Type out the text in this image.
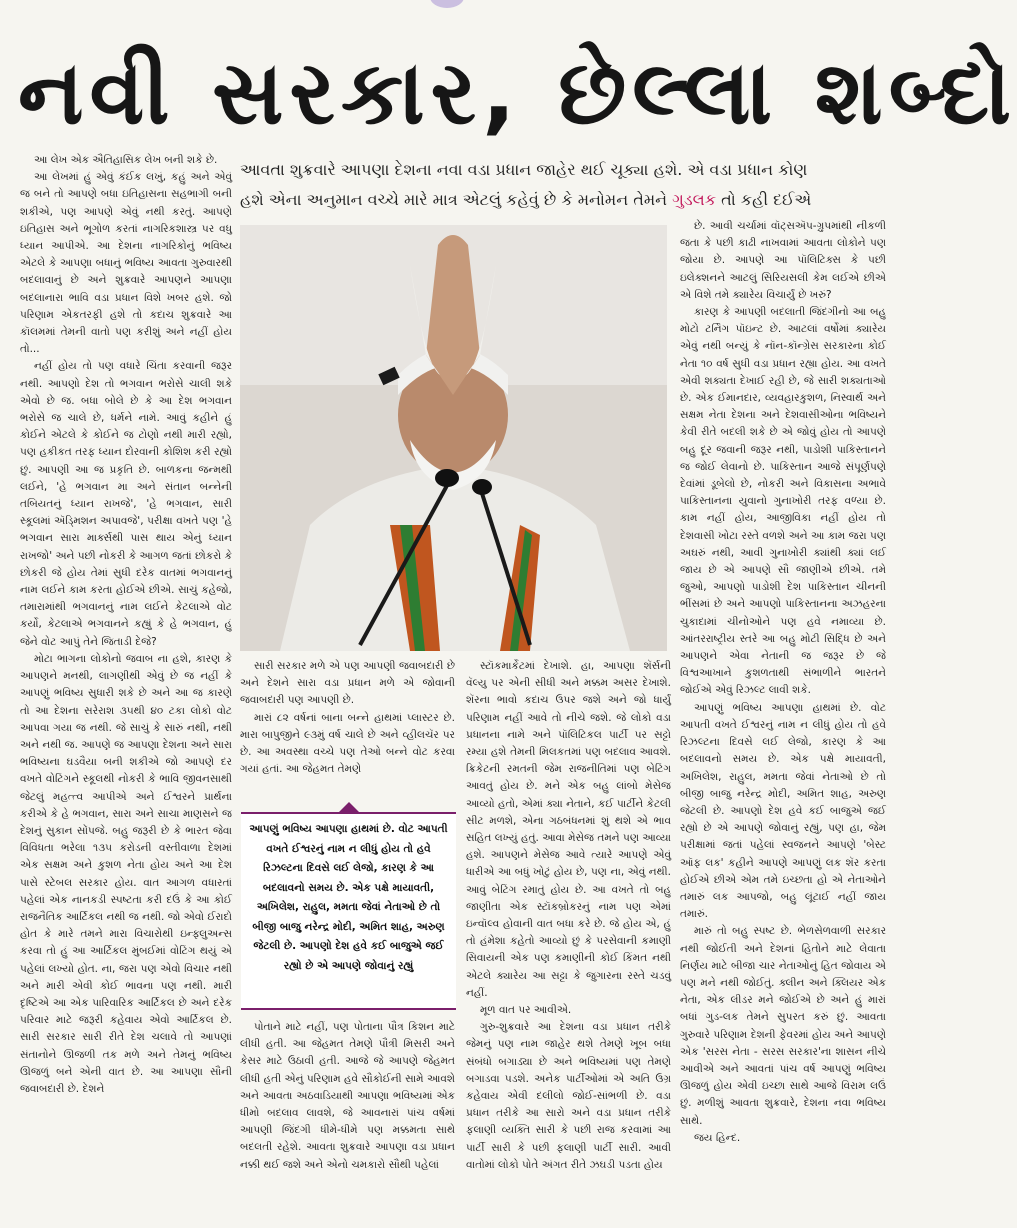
નવી સરકાર, છેલ્લા શબ્દો
આવતા શુક્રવારે આપણા દેશના નવા વડા પ્રધાન જાહેર થઈ ચૂક્યા હશે. એ વડા પ્રધાન કોણ
હશે એના અનુમાન વચ્ચે મારે માત્ર એટલું કહેવું છે કે મનોમન તેમને ગુડલક તો કહી દઈએ

આ લેખ એક ઐતિહાસિક લેખ બની શકે છે.

આ લેખમાં હું એવું કંઈક લખું, કહું અને એવું જ બને તો આપણે બધા ઇતિહાસના સહભાગી બની શકીએ, પણ આપણે એવું નથી કરતું. આપણે ઇતિહાસ અને ભૂગોળ કરતાં નાગરિકશાસ્ત્ર પર વધુ ધ્યાન આપીએ. આ દેશના નાગરિકોનું ભવિષ્ય એટલે કે આપણા બધાનું ભવિષ્ય આવતા ગુરુવારથી બદલાવાનું છે અને શુક્રવારે આપણને આપણા બદલાનારા ભાવિ વડા પ્રધાન વિશે ખબર હશે. જો પરિણામ એકતરફી હશે તો કદાચ શુક્રવારે આ કૉલમમાં તેમની વાતો પણ કરીશું અને નહીં હોય તો...

નહીં હોય તો પણ વધારે ચિંતા કરવાની જરૂર નથી. આપણો દેશ તો ભગવાન ભરોસે ચાલી શકે એવો છે જ. બધા બોલે છે કે આ દેશ ભગવાન ભરોસે જ ચાલે છે, ધર્મને નામે. આવું કહીને હું કોઈને એટલે કે કોઈને જ ટોણો નથી મારી રહ્યો, પણ હકીકત તરફ ધ્યાન દોરવાની કોશિશ કરી રહ્યો છું. આપણી આ જ પ્રકૃતિ છે. બાળકના જન્મથી લઈને, 'હે ભગવાન મા અને સંતાન બન્નેની તબિયતનું ધ્યાન રાખજે', 'હે ભગવાન, સારી સ્કૂલમાં ઍડ્મિશન અપાવજે', પરીક્ષા વખતે પણ 'હે ભગવાન સારા માર્ક્સથી પાસ થાય એનું ધ્યાન રાખજો' અને પછી નોકરી કે આગળ જતાં છોકરો કે છોકરી જે હોય તેમાં સુધી દરેક વાતમાં ભગવાનનું નામ લઈને કામ કરતા હોઈએ છીએ. સાચું કહેજો, તમારામાંથી ભગવાનનું નામ લઈને કેટલાએ વોટ કર્યો, કેટલાએ ભગવાનને કહ્યું કે હે ભગવાન, હું જેને વોટ આપું તેને જિતાડી દેજે?

મોટા ભાગના લોકોનો જવાબ ના હશે, કારણ કે આપણને મનથી, લાગણીથી એવું છે જ નહીં કે આપણું ભવિષ્ય સુધારી શકે છે અને આ જ કારણે તો આ દેશના સરેરાશ ૩૫થી ૪૦ ટકા લોકો વોટ આપવા ગયા જ નથી. જે સાચું કે સારું નથી, નથી અને નથી જ. આપણે જ આપણા દેશના અને સારા ભવિષ્યના ઘડવૈયા બની શકીએ જો આપણે દર વખતે વોટિંગને સ્કૂલથી નોકરી કે ભાવિ જીવનસાથી જેટલું મહત્ત્વ આપીએ અને ઈશ્વરને પ્રાર્થના કરીએ કે હે ભગવાન, સારા અને સાચા માણસને જ દેશનું સુકાન સોંપજે. બહુ જરૂરી છે કે ભારત જેવા વિવિધતા ભરેલા ૧૩૫ કરોડની વસ્તીવાળા દેશમાં એક સક્ષમ અને કુશળ નેતા હોય અને આ દેશ પાસે સ્ટેબલ સરકાર હોય. વાત આગળ વધારતાં પહેલાં એક નાનકડી સ્પષ્ટતા કરી દઉં કે આ કોઈ રાજનૈતિક આર્ટિકલ નથી જ નથી. જો એવો ઈરાદો હોત કે મારે તમને મારા વિચારોથી ઇન્ફ્લુઅન્સ કરવા તો હું આ આર્ટિકલ મુંબઈમાં વોટિંગ થયું એ પહેલાં લખ્યો હોત. ના, જરા પણ એવો વિચાર નથી અને મારી એવી કોઈ ભાવના પણ નથી. મારી દૃષ્ટિએ આ એક પારિવારિક આર્ટિકલ છે અને દરેક પરિવાર માટે જરૂરી કહેવાય એવો આર્ટિકલ છે. સારી સરકાર સારી રીતે દેશ ચલાવે તો આપણાં સંતાનોને ઊજળી તક મળે અને તેમનું ભવિષ્ય ઊજળું બને એની વાત છે. આ આપણા સૌની જવાબદારી છે. દેશને

સારી સરકાર મળે એ પણ આપણી જવાબદારી છે અને દેશને સારા વડા પ્રધાન મળે એ જોવાની જવાબદારી પણ આપણી છે.

મારાં ૮૨ વર્ષનાં બાના બન્ને હાથમાં પ્લાસ્ટર છે. મારા બાપુજીને ૯૩મું વર્ષ ચાલે છે અને વ્હીલચૅર પર છે. આ અવસ્થા વચ્ચે પણ તેઓ બન્ને વોટ કરવા ગયાં હતાં. આ જેહમત તેમણે

આપણું ભવિષ્ય આપણા હાથમાં છે. વોટ આપતી વખતે ઈશ્વરનું નામ ન લીધું હોય તો હવે રિઝલ્ટના દિવસે લઈ લેજો, કારણ કે આ બદલાવનો સમય છે. એક પક્ષે માયાવતી, અખિલેશ, રાહુલ, મમતા જેવાં નેતાઓ છે તો બીજી બાજુ નરેન્દ્ર મોદી, અમિત શાહ, અરુણ જેટલી છે. આપણો દેશ હવે કઈ બાજુએ જઈ રહ્યો છે એ આપણે જોવાનું રહ્યું

પોતાને માટે નહીં, પણ પોતાના પૌત્ર કિશન માટે લીધી હતી. આ જેહમત તેમણે પૌત્રી મિસરી અને કેસર માટે ઉઠાવી હતી. આજે જે આપણે જેહમત લીધી હતી એનું પરિણામ હવે સૌકોઈની સામે આવશે અને આવતા અઠવાડિયાથી આપણા ભવિષ્યમાં એક ધીમો બદલાવ લાવશે, જે આવનારાં પાંચ વર્ષમાં આપણી જિંદગી ધીમે-ધીમે પણ મક્કમતા સાથે બદલતી રહેશે. આવતા શુક્રવારે આપણા વડા પ્રધાન નક્કી થઈ જશે અને એનો ચમકારો સૌથી પહેલાં

સ્ટૉકમાર્કેટમાં દેખાશે. હા, આપણા શૅર્સની વૅલ્યુ પર એની સીધી અને મક્કમ અસર દેખાશે. શૅરના ભાવો કદાચ ઉપર જશે અને જો ધાર્યું પરિણામ નહીં આવે તો નીચે જશે. જે લોકો વડા પ્રધાનના નામે અને પૉલિટિકલ પાર્ટી પર સટ્ટો રમ્યા હશે તેમની મિલકતમાં પણ બદલાવ આવશે. ક્રિકેટની રમતની જેમ રાજનીતિમાં પણ બેટિંગ આવતું હોય છે. મને એક બહુ લાંબો મેસેજ આવ્યો હતો, એમાં ક્યા નેતાને, કઈ પાર્ટીને કેટલી સીટ મળશે, એના ગઠબંધનમાં શું થશે એ ભાવ સહિત લખ્યું હતું. આવા મેસેજ તમને પણ આવ્યા હશે. આપણને મેસેજ આવે ત્યારે આપણે એવું ધારીએ આ બધું ખોટું હોય છે, પણ ના, એવું નથી. આવું બેટિંગ રમાતું હોય છે. આ વખતે તો બહુ જાણીતા એક સ્ટૉકબ્રોકરનું નામ પણ એમાં ઇન્વૉલ્વ હોવાની વાત બધા કરે છે. જે હોય એ, હું તો હંમેશા કહેતો આવ્યો છું કે પરસેવાની કમાણી સિવાયની એક પણ કમાણીની કોઈ કિંમત નથી એટલે ક્યારેય આ સટ્ટા કે જુગારના રસ્તે ચડવું નહીં.

મૂળ વાત પર આવીએ.

ગુરુ-શુક્રવારે આ દેશના વડા પ્રધાન તરીકે જેમનું પણ નામ જાહેર થશે તેમણે ખૂબ બધા સંબંધો બગાડ્યા છે અને ભવિષ્યમાં પણ તેમણે બગાડવા પડશે. અનેક પાર્ટીઓમાં એ અતિ ઉગ્ર કહેવાય એવી દલીલો જોઈ-સાંભળી છે. વડા પ્રધાન તરીકે આ સારો અને વડા પ્રધાન તરીકે ફલાણી વ્યક્તિ સારી કે પછી રાજ કરવામાં આ પાર્ટી સારી કે પછી ફલાણી પાર્ટી સારી. આવી વાતોમાં લોકો પોતે અંગત રીતે ઝઘડી પડતા હોય

છે. આવી ચર્ચામાં વૉટ્સઍપ-ગ્રુપમાંથી નીકળી જતા કે પછી કાઢી નાખવામાં આવતા લોકોને પણ જોયા છે. આપણે આ પૉલિટિક્સ કે પછી ઇલેક્શનને આટલું સિરિયસલી કેમ લઈએ છીએ એ વિશે તમે ક્યારેય વિચાર્યું છે ખરું?

કારણ કે આપણી બદલાતી જિંદગીનો આ બહુ મોટો ટર્નિંગ પૉઇન્ટ છે. આટલાં વર્ષોમાં ક્યારેય એવું નથી બન્યું કે નૉન-કૉન્ગ્રેસ સરકારના કોઈ નેતા ૧૦ વર્ષ સુધી વડા પ્રધાન રહ્યા હોય. આ વખતે એવી શક્યતા દેખાઈ રહી છે, જે સારી શક્યતાઓ છે. એક ઈમાનદાર, વ્યવહારકુશળ, નિસ્વાર્થ અને સક્ષમ નેતા દેશના અને દેશવાસીઓના ભવિષ્યને કેવી રીતે બદલી શકે છે એ જોવું હોય તો આપણે બહુ દૂર જવાની જરૂર નથી, પાડોશી પાકિસ્તાનને જ જોઈ લેવાનો છે. પાકિસ્તાન આજે સંપૂર્ણપણે દેવાંમાં ડૂબેલો છે, નોકરી અને વિકાસના અભાવે પાકિસ્તાનના યુવાનો ગુનાખોરી તરફ વળ્યા છે. કામ નહીં હોય, આજીવિકા નહીં હોય તો દેશવાસી ખોટા રસ્તે વળશે અને આ કામ જરા પણ અઘરું નથી, આવી ગુનાખોરી ક્યાંથી ક્યાં લઈ જાય છે એ આપણે સૌ જાણીએ છીએ. તમે જુઓ, આપણો પાડોશી દેશ પાકિસ્તાન ચીનની ભીંસમાં છે અને આપણો પાકિસ્તાનના અઝહરના ચુકાદામાં ચીનોઓને પણ હવે નમાવ્યા છે. આંતરરાષ્ટ્રીય સ્તરે આ બહુ મોટી સિદ્ધિ છે અને આપણને એવા નેતાની જ જરૂર છે જે વિશ્વઆખાને કુશળતાથી સંભાળીને ભારતને જોઈએ એવું રિઝલ્ટ લાવી શકે.

આપણું ભવિષ્ય આપણા હાથમાં છે. વોટ આપતી વખતે ઈશ્વરનું નામ ન લીધું હોય તો હવે રિઝલ્ટના દિવસે લઈ લેજો, કારણ કે આ બદલાવનો સમય છે. એક પક્ષે માયાવતી, અખિલેશ, રાહુલ, મમતા જેવાં નેતાઓ છે તો બીજી બાજુ નરેન્દ્ર મોદી, અમિત શાહ, અરુણ જેટલી છે. આપણો દેશ હવે કઈ બાજુએ જઈ રહ્યો છે એ આપણે જોવાનું રહ્યું, પણ હા, જેમ પરીક્ષામાં જતાં પહેલાં સ્વજનને આપણે 'બેસ્ટ ઑફ લક' કહીને આપણે આપણું લક શૅર કરતા હોઈએ છીએ એમ તમે ઇચ્છતા હો એ નેતાઓને તમારું લક આપજો, બહુ લૂંટાઈ નહીં જાય તમારું.

મારું તો બહુ સ્પષ્ટ છે. ભેળસેળવાળી સરકાર નથી જોઈતી અને દેશનાં હિતોને માટે લેવાતા નિર્ણય માટે બીજા ચાર નેતાઓનું હિત જોવાય એ પણ મને નથી જોઈતું. ક્લીન અને ક્લિયર એક નેતા, એક લીડર મને જોઈએ છે અને હું મારાં બધાં ગુડ-લક તેમને સુપરત કરું છું. આવતા ગુરુવારે પરિણામ દેશની ફેવરમાં હોય અને આપણે એક 'સરસ નેતા - સરસ સરકાર'ના શાસન નીચે આવીએ અને આવતાં પાંચ વર્ષ આપણું ભવિષ્ય ઊજળું હોય એવી ઇચ્છા સાથે આજે વિરામ લઉં છું. મળીશું આવતા શુક્રવારે, દેશના નવા ભવિષ્ય સાથે.

જય હિન્દ.
